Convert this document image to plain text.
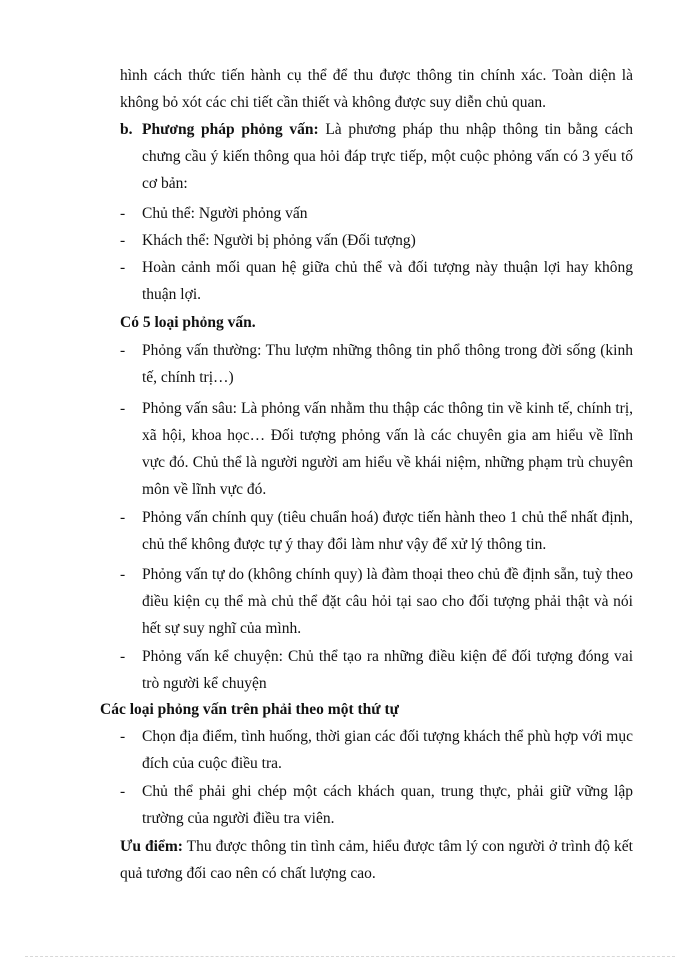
hình cách thức tiến hành cụ thể để thu được thông tin chính xác. Toàn diện là không bỏ xót các chi tiết cần thiết và không được suy diễn chủ quan.

b. Phương pháp phỏng vấn: Là phương pháp thu nhập thông tin bằng cách chưng cầu ý kiến thông qua hỏi đáp trực tiếp, một cuộc phỏng vấn có 3 yếu tố cơ bản:
- Chủ thể: Người phỏng vấn
- Khách thể: Người bị phỏng vấn (Đối tượng)
- Hoàn cảnh mối quan hệ giữa chủ thể và đối tượng này thuận lợi hay không thuận lợi.

Có 5 loại phỏng vấn.

- Phỏng vấn thường: Thu lượm những thông tin phổ thông trong đời sống (kinh tế, chính trị…)
- Phỏng vấn sâu: Là phỏng vấn nhằm thu thập các thông tin về kinh tế, chính trị, xã hội, khoa học… Đối tượng phỏng vấn là các chuyên gia am hiểu về lĩnh vực đó. Chủ thể là người người am hiểu về khái niệm, những phạm trù chuyên môn về lĩnh vực đó.
- Phỏng vấn chính quy (tiêu chuẩn hoá) được tiến hành theo 1 chủ thể nhất định, chủ thể không được tự ý thay đổi làm như vậy để xử lý thông tin.
- Phỏng vấn tự do (không chính quy) là đàm thoại theo chủ đề định sẵn, tuỳ theo điều kiện cụ thể mà chủ thể đặt câu hỏi tại sao cho đối tượng phải thật và nói hết sự suy nghĩ của mình.
- Phỏng vấn kể chuyện: Chủ thể tạo ra những điều kiện để đối tượng đóng vai trò người kể chuyện

Các loại phỏng vấn trên phải theo một thứ tự

- Chọn địa điểm, tình huống, thời gian các đối tượng khách thể phù hợp với mục đích của cuộc điều tra.
- Chủ thể phải ghi chép một cách khách quan, trung thực, phải giữ vững lập trường của người điều tra viên.

Ưu điểm: Thu được thông tin tình cảm, hiểu được tâm lý con người ở trình độ kết quả tương đối cao nên có chất lượng cao.
